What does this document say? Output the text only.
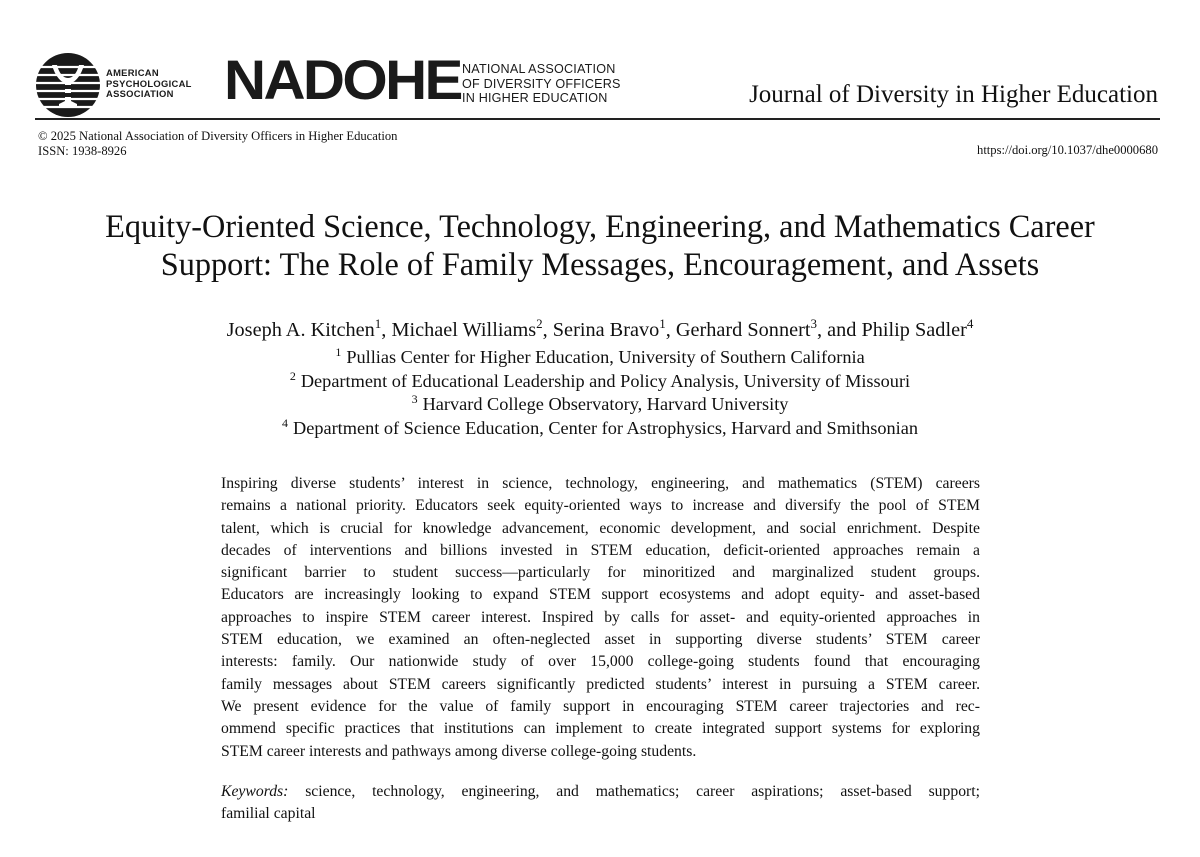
AMERICAN
PSYCHOLOGICAL
ASSOCIATION NADOHE NATIONAL ASSOCIATION
OF DIVERSITY OFFICERS
IN HIGHER EDUCATION	Journal of Diversity in Higher Education
© 2025 National Association of Diversity Officers in Higher Education
ISSN: 1938-8926	https://doi.org/10.1037/dhe0000680
Equity-Oriented Science, Technology, Engineering, and Mathematics Career
Support: The Role of Family Messages, Encouragement, and Assets
Joseph A. Kitchen$^1$, Michael Williams$^2$, Serina Bravo$^1$, Gerhard Sonnert$^3$, and Philip Sadler$^4$
$^1$ Pullias Center for Higher Education, University of Southern California
$^2$ Department of Educational Leadership and Policy Analysis, University of Missouri
$^3$ Harvard College Observatory, Harvard University
$^4$ Department of Science Education, Center for Astrophysics, Harvard and Smithsonian
Inspiring diverse students’ interest in science, technology, engineering, and mathematics (STEM) careers
remains a national priority. Educators seek equity-oriented ways to increase and diversify the pool of STEM
talent, which is crucial for knowledge advancement, economic development, and social enrichment. Despite
decades of interventions and billions invested in STEM education, deficit-oriented approaches remain a
significant barrier to student success—particularly for minoritized and marginalized student groups.
Educators are increasingly looking to expand STEM support ecosystems and adopt equity- and asset-based
approaches to inspire STEM career interest. Inspired by calls for asset- and equity-oriented approaches in
STEM education, we examined an often-neglected asset in supporting diverse students’ STEM career
interests: family. Our nationwide study of over 15,000 college-going students found that encouraging
family messages about STEM careers significantly predicted students’ interest in pursuing a STEM career.
We present evidence for the value of family support in encouraging STEM career trajectories and rec-
ommend specific practices that institutions can implement to create integrated support systems for exploring
STEM career interests and pathways among diverse college-going students.
Keywords: science, technology, engineering, and mathematics; career aspirations; asset-based support;
familial capital
